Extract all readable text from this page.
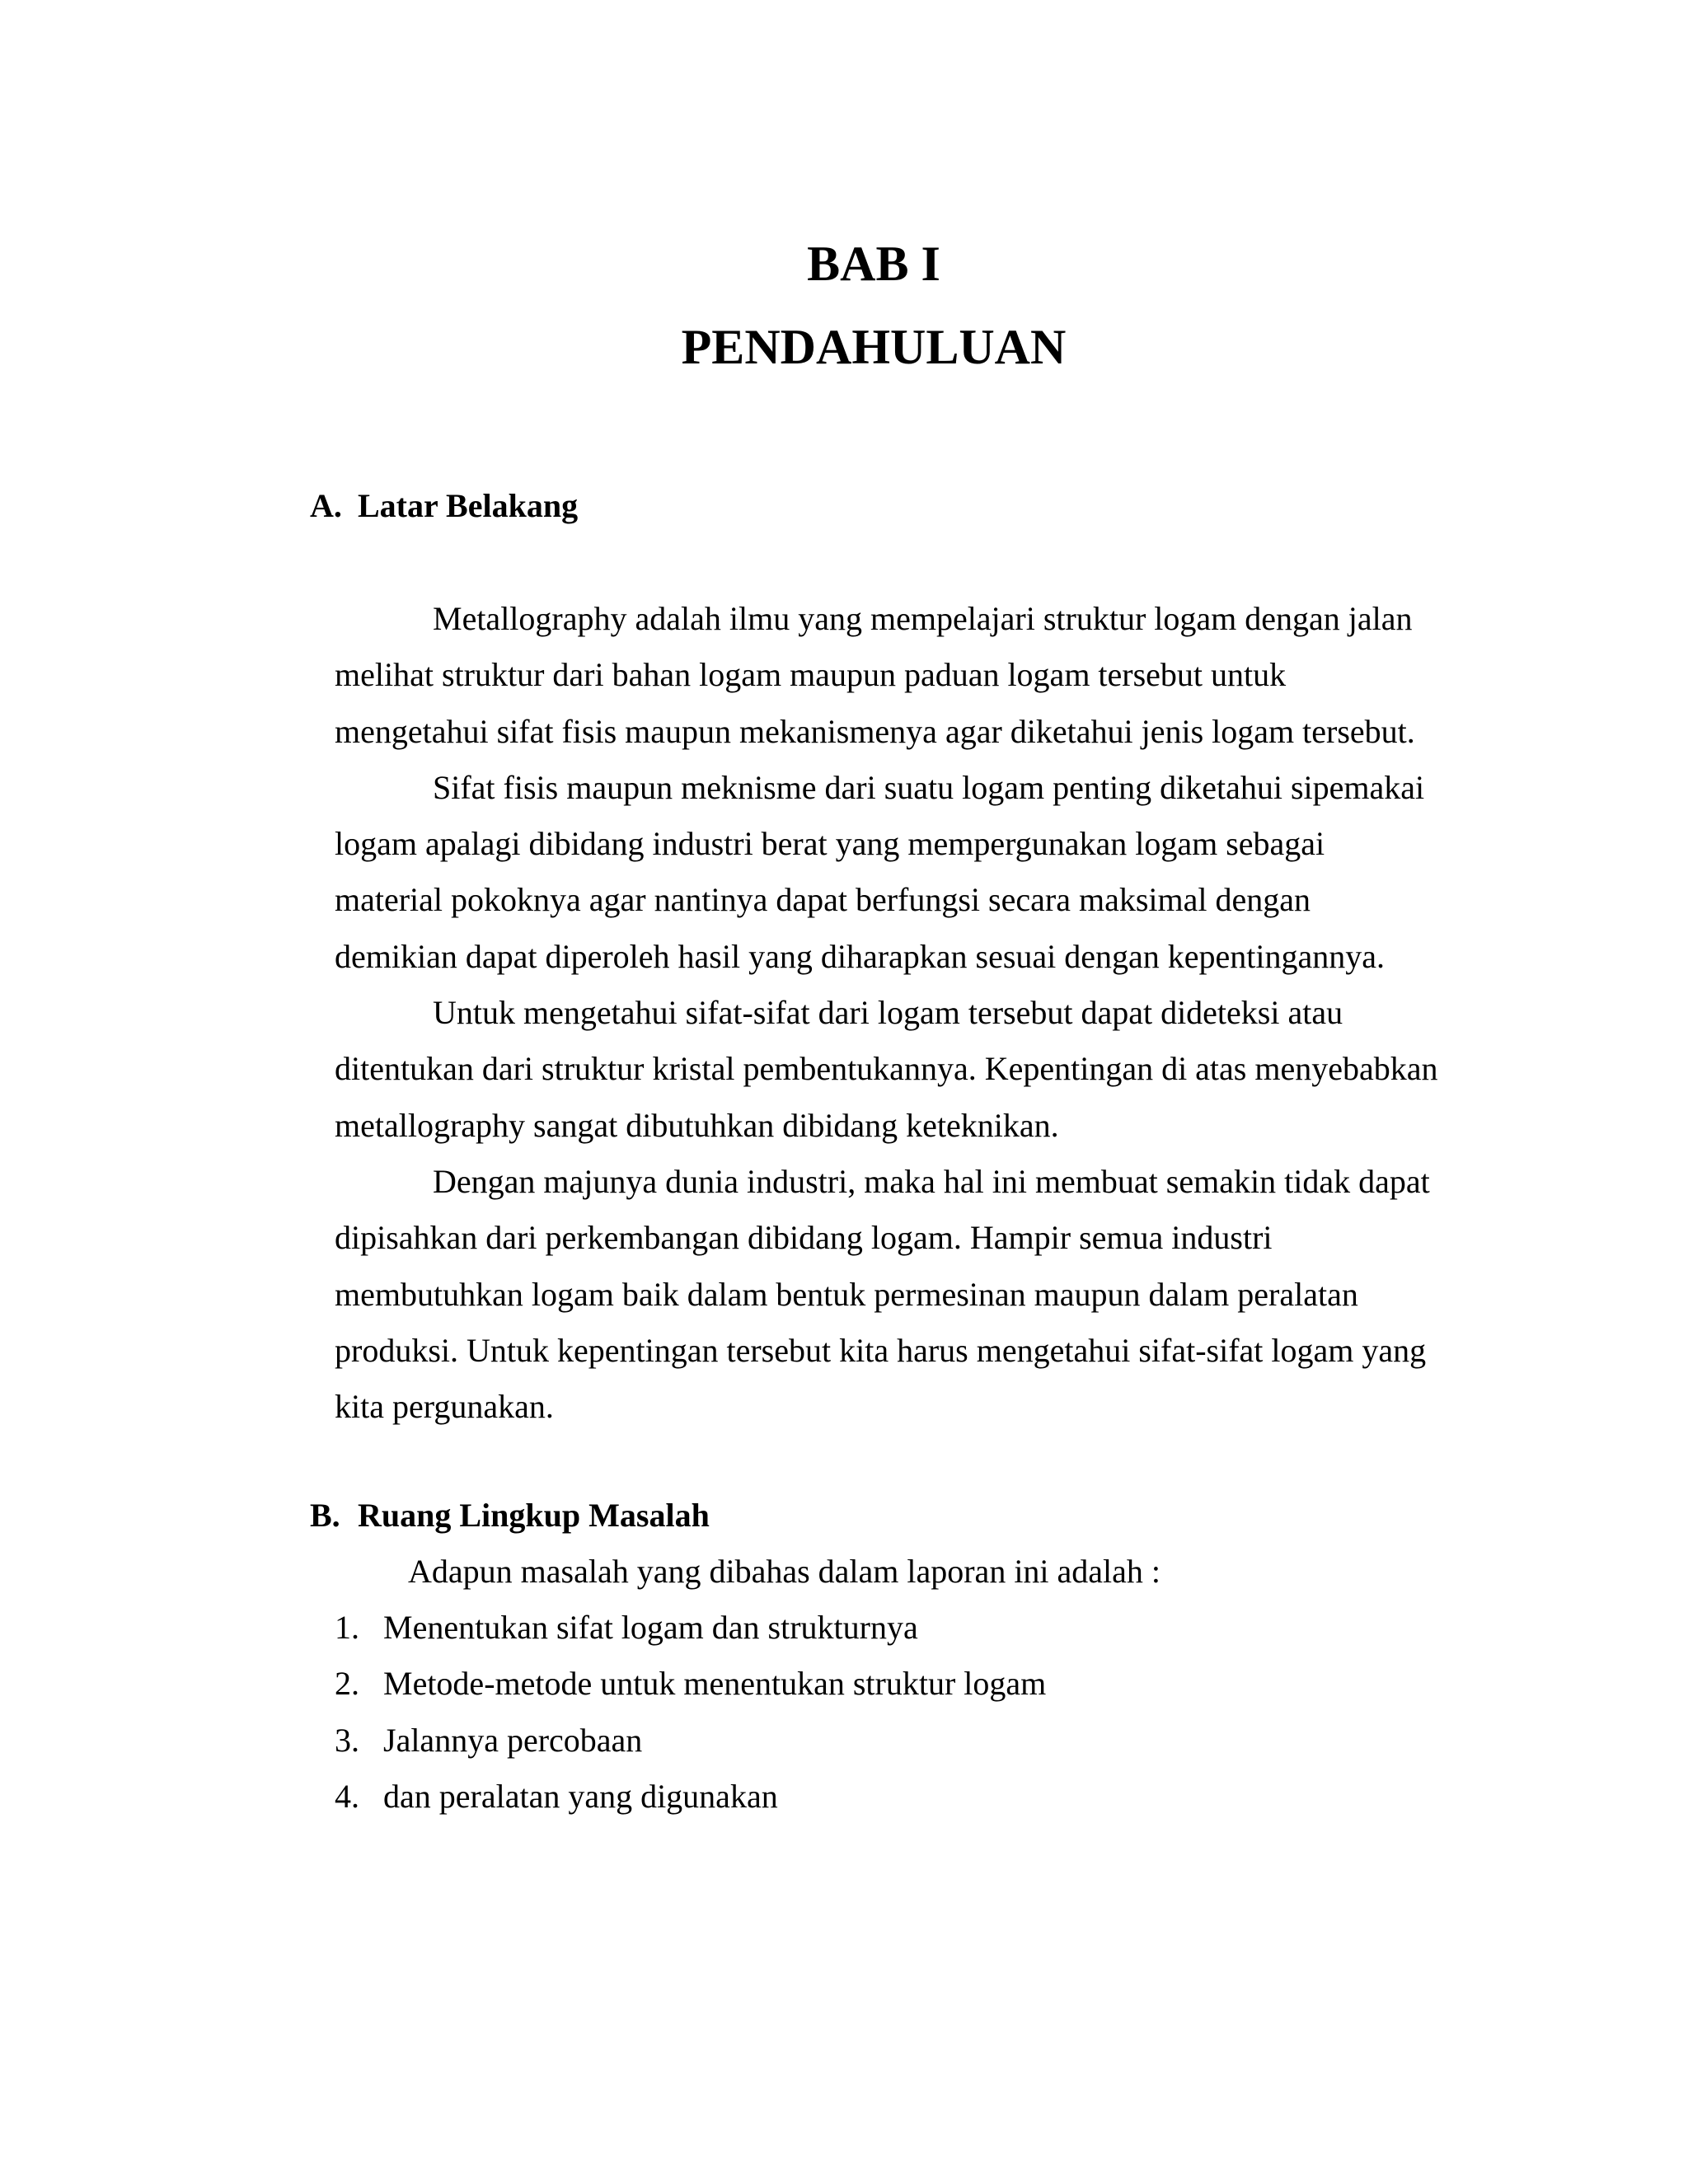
BAB I
PENDAHULUAN
A. Latar Belakang

Metallography adalah ilmu yang mempelajari struktur logam dengan jalan melihat struktur dari bahan logam maupun paduan logam tersebut untuk mengetahui sifat fisis maupun mekanismenya agar diketahui jenis logam tersebut.

Sifat fisis maupun meknisme dari suatu logam penting diketahui sipemakai logam apalagi dibidang industri berat yang mempergunakan logam sebagai material pokoknya agar nantinya dapat berfungsi secara maksimal dengan demikian dapat diperoleh hasil yang diharapkan sesuai dengan kepentingannya.

Untuk mengetahui sifat-sifat dari logam tersebut dapat dideteksi atau ditentukan dari struktur kristal pembentukannya. Kepentingan di atas menyebabkan metallography sangat dibutuhkan dibidang keteknikan.

Dengan majunya dunia industri, maka hal ini membuat semakin tidak dapat dipisahkan dari perkembangan dibidang logam. Hampir semua industri membutuhkan logam baik dalam bentuk permesinan maupun dalam peralatan produksi. Untuk kepentingan tersebut kita harus mengetahui sifat-sifat logam yang kita pergunakan.

B. Ruang Lingkup Masalah

Adapun masalah yang dibahas dalam laporan ini adalah :

1. Menentukan sifat logam dan strukturnya
2. Metode-metode untuk menentukan struktur logam
3. Jalannya percobaan
4. dan peralatan yang digunakan
